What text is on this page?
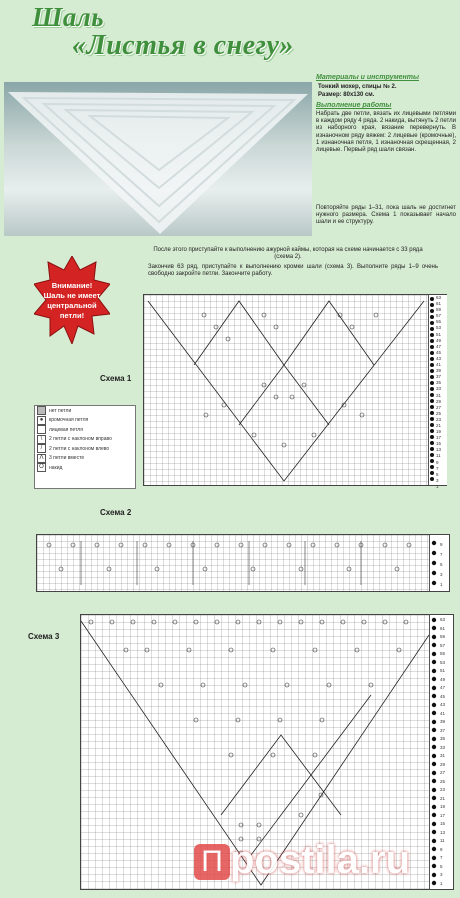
Шаль
«Листья в снегу»
Материалы и инструменты
Тонкий мохер, спицы № 2.
Размер: 80х130 см.
Выполнение работы
Набрать две петли, вязать их лицевыми петлями в каждом ряду 4 ряда. 2 накида, вытянуть 2 петли из наборного края, вязание перевернуть. В изнаночном ряду вяжем: 2 лицевые (кромочные), 1 изнаночная петля, 1 изнаночная скрещенная, 2 лицевые. Первый ряд шали связан.
Повторяйте ряды 1–31, пока шаль не достигнет нужного размера. Схема 1 показывает начало шали и ее структуру.
После этого приступайте к выполнению ажурной каймы, которая на схеме начинается с 33 ряда (схема 2).
Закончив 63 ряд, приступайте к выполнению кромки шали (схема 3). Выполните ряды 1–9 очень свободно закройте петли. Закончите работу.
Внимание!
Шаль не имеет
центральной
петли!
Схема 1
63
61
59
57
55
53
51
49
47
45
43
41
39
37
35
33
31
29
27
25
23
21
19
17
15
13
11
9
7
5
3
1
нет петли
●	кромочная петля
лицевая петля
\	2 петли с наклоном вправо
/	2 петли с наклоном влево
Λ	3 петли вместе
O	накид
Схема 2
9
7
5
3
1
Схема 3
63
61
59
57
55
53
51
49
47
45
43
41
39
37
35
33
31
29
27
25
23
21
19
17
15
13
11
9
7
5
3
1
П postila.ru
